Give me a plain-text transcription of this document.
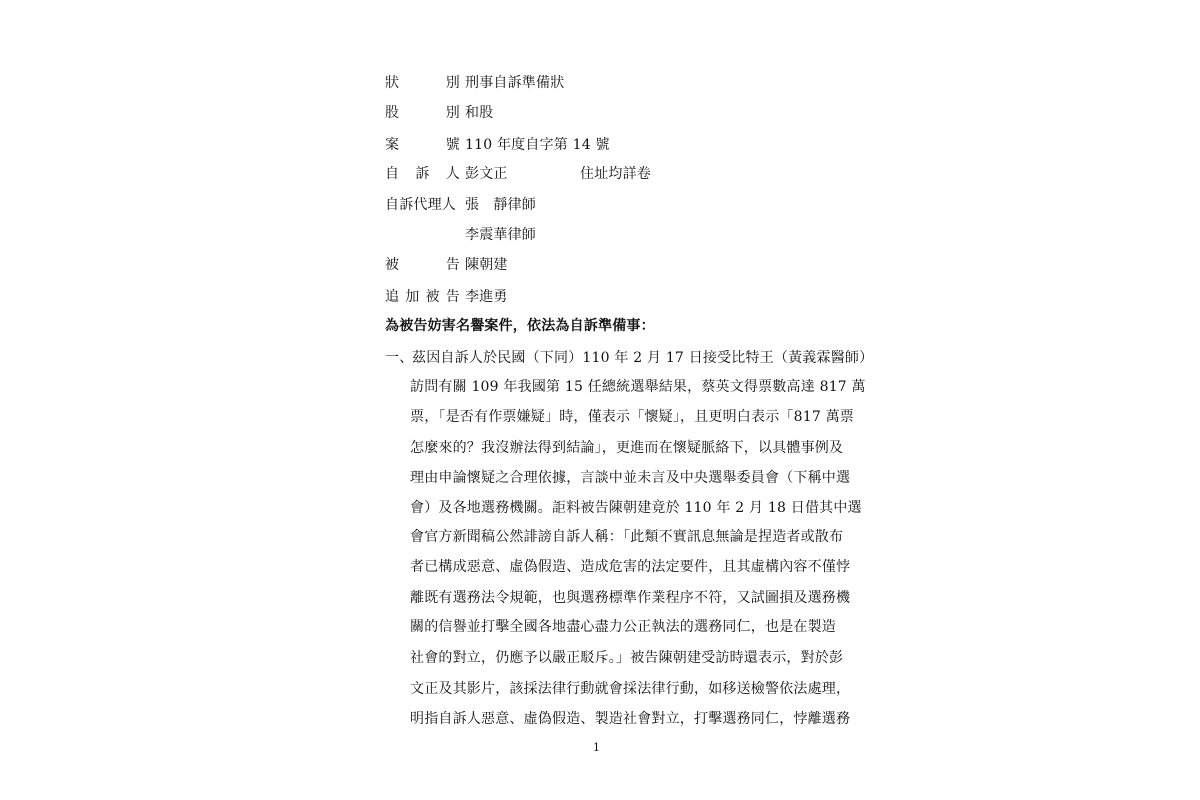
狀	別 刑事自訴準備狀
股	別 和股
案	號 110 年度自字第 14 號
自 訴 人 彭文正	住址均詳卷
自訴代理人 張　靜律師
李震華律師
被	告 陳朝建
追 加 被 告 李進勇
為被告妨害名譽案件，依法為自訴準備事：
一、
茲因自訴人於民國（下同）110 年 2 月 17 日接受比特王（黃義霖醫師）
訪問有關 109 年我國第 15 任總統選舉結果，蔡英文得票數高達 817 萬
票，「是否有作票嫌疑」時，僅表示「懷疑」，且更明白表示「817 萬票
怎麼來的？我沒辦法得到結論」，更進而在懷疑脈絡下，以具體事例及
理由申論懷疑之合理依據，言談中並未言及中央選舉委員會（下稱中選
會）及各地選務機關。詎料被告陳朝建竟於 110 年 2 月 18 日借其中選
會官方新聞稿公然誹謗自訴人稱：「此類不實訊息無論是捏造者或散布
者已構成惡意、虛偽假造、造成危害的法定要件，且其虛構內容不僅悖
離既有選務法令規範，也與選務標準作業程序不符，又試圖損及選務機
關的信譽並打擊全國各地盡心盡力公正執法的選務同仁，也是在製造
社會的對立，仍應予以嚴正駁斥。」被告陳朝建受訪時還表示，對於彭
文正及其影片，該採法律行動就會採法律行動，如移送檢警依法處理，
明指自訴人惡意、虛偽假造、製造社會對立，打擊選務同仁，悖離選務
1
